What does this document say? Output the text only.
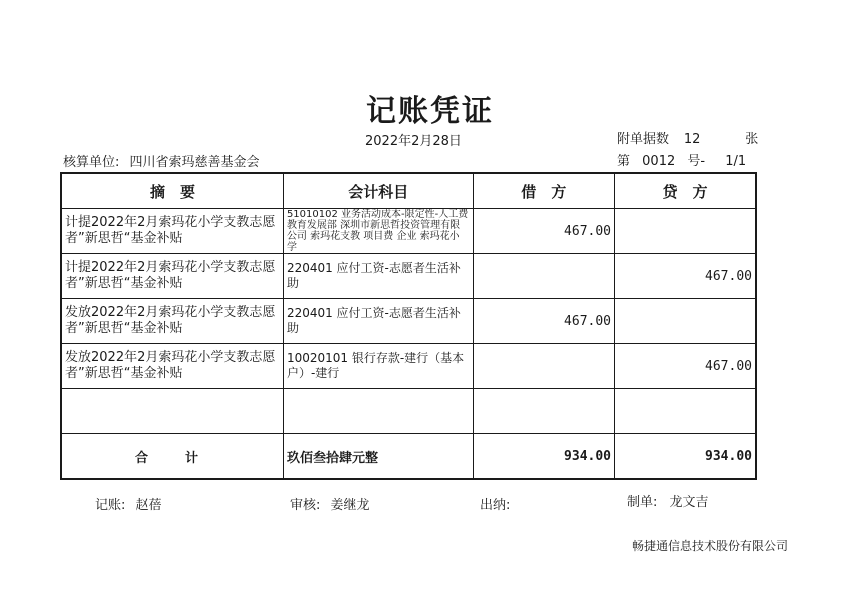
记账凭证
2022年2月28日	附单据数 12	张
核算单位: 四川省索玛慈善基金会	第 0012 号- 1/1
摘　要	会计科目	借　方	贷　方
计提2022年2月索玛花小学支教志愿者”新思哲“基金补贴	51010102 业务活动成本-限定性-人工费 教育发展部 深圳市新思哲投资管理有限公司 索玛花支教 项目费 企业 索玛花小学	467.00	
计提2022年2月索玛花小学支教志愿者”新思哲“基金补贴	220401 应付工资-志愿者生活补助		467.00
发放2022年2月索玛花小学支教志愿者”新思哲“基金补贴	220401 应付工资-志愿者生活补助	467.00	
发放2022年2月索玛花小学支教志愿者”新思哲“基金补贴	10020101 银行存款-建行（基本户）-建行		467.00

合　计	玖佰叁拾肆元整	934.00	934.00
记账: 赵蓓	审核: 姜继龙	出纳:	制单: 龙文吉
畅捷通信息技术股份有限公司
